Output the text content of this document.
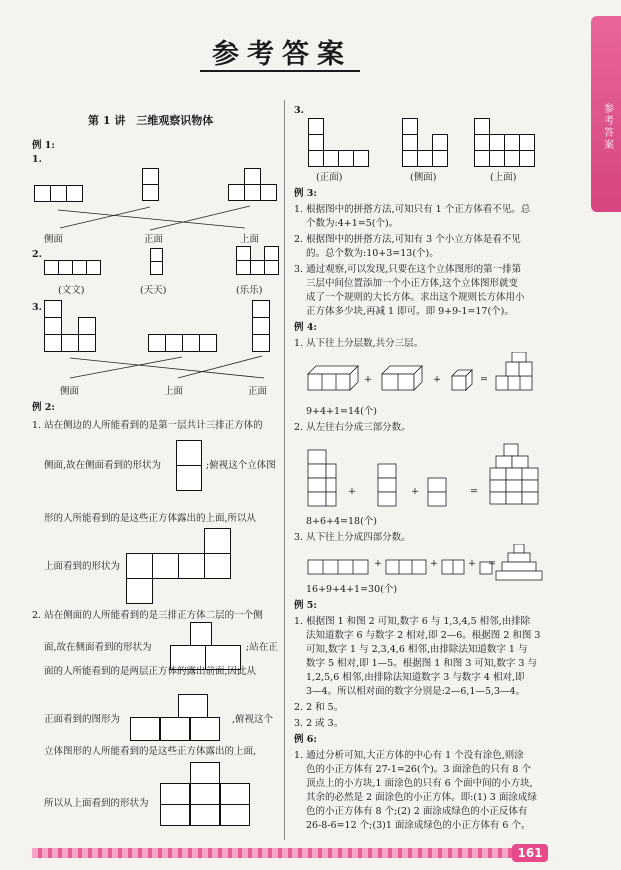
参考答案
参考答案
第 1 讲　三维观察识物体
例 1:
1.
侧面	正面	上面
2.
(文文)	(天天)	(乐乐)
3.
侧面	上面	正面
例 2:
1. 站在侧边的人所能看到的是第一层共计三排正方体的
侧面,故在侧面看到的形状为	;俯视这个立体图
形的人所能看到的是这些正方体露出的上面,所以从
上面看到的形状为
2. 站在侧面的人所能看到的是三排正方体二层的一个侧
面,故在侧面看到的形状为	;站在正
面的人所能看到的是两层正方体的露出前面,因此从
正面看到的图形为	,俯视这个
立体图形的人所能看到的是这些正方体露出的上面,
所以从上面看到的形状为
3.
(正面)	(侧面)	(上面)
例 3:
1. 根据图中的拼搭方法,可知只有 1 个正方体看不见。总
个数为:4+1=5(个)。
2. 根据图中的拼搭方法,可知有 3 个小立方体是看不见
的。总个数为:10+3=13(个)。
3. 通过观察,可以发现,只要在这个立体图形的第一排第
三层中间位置添加一个小正方体,这个立体图形就变
成了一个规则的大长方体。求出这个规则长方体用小
正方体多少块,再减 1 即可。即 9+9-1=17(个)。
例 4:
1. 从下往上分层数,共分三层。
+	+	=
9+4+1=14(个)
2. 从左往右分成三部分数。
+	+	=
8+6+4=18(个)
3. 从下往上分成四部分数。
+	+	+ =
16+9+4+1=30(个)
例 5:
1. 根据图 1 和图 2 可知,数字 6 与 1,3,4,5 相邻,由排除
法知道数字 6 与数字 2 相对,即 2—6。根据图 2 和图 3
可知,数字 1 与 2,3,4,6 相邻,由排除法知道数字 1 与
数字 5 相对,即 1—5。根据图 1 和图 3 可知,数字 3 与
1,2,5,6 相邻,由排除法知道数字 3 与数字 4 相对,即
3—4。所以相对面的数字分别是:2—6,1—5,3—4。
2. 2 和 5。
3. 2 或 3。
例 6:
1. 通过分析可知,大正方体的中心有 1 个没有涂色,则涂
色的小正方体有 27-1=26(个)。3 面涂色的只有 8 个
顶点上的小方块,1 面涂色的只有 6 个面中间的小方块,
其余的必然是 2 面涂色的小正方体。即:(1) 3 面涂成绿
色的小正方体有 8 个;(2) 2 面涂成绿色的小正反体有
26-8-6=12 个;(3)1 面涂成绿色的小正方体有 6 个。
161
